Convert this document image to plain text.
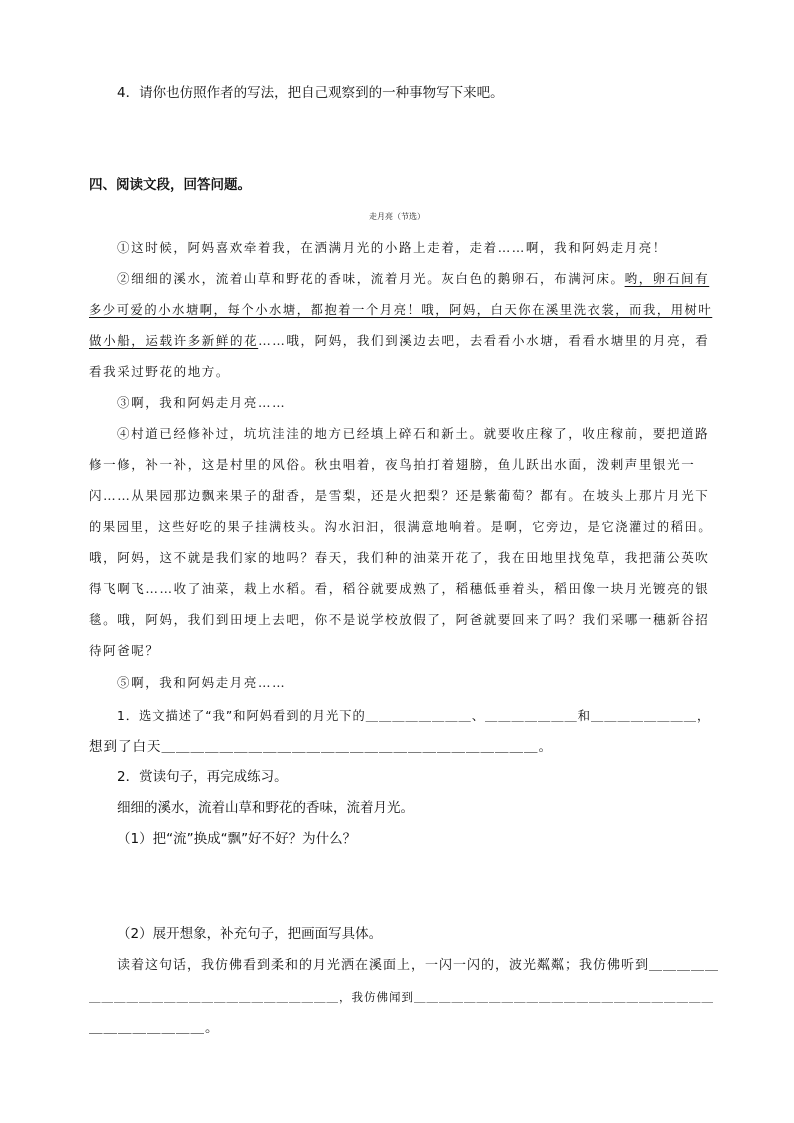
4．请你也仿照作者的写法，把自己观察到的一种事物写下来吧。
四、阅读文段，回答问题。
走月亮（节选）
①这时候，阿妈喜欢牵着我，在洒满月光的小路上走着，走着……啊，我和阿妈走月亮！
②细细的溪水，流着山草和野花的香味，流着月光。灰白色的鹅卵石，布满河床。哟，卵石间有
多少可爱的小水塘啊，每个小水塘，都抱着一个月亮！哦，阿妈，白天你在溪里洗衣裳，而我，用树叶
做小船，运载许多新鲜的花……哦，阿妈，我们到溪边去吧，去看看小水塘，看看水塘里的月亮，看
看我采过野花的地方。
③啊，我和阿妈走月亮……
④村道已经修补过，坑坑洼洼的地方已经填上碎石和新土。就要收庄稼了，收庄稼前，要把道路
修一修，补一补，这是村里的风俗。秋虫唱着，夜鸟拍打着翅膀，鱼儿跃出水面，泼剌声里银光一
闪……从果园那边飘来果子的甜香，是雪梨，还是火把梨？还是紫葡萄？都有。在坡头上那片月光下
的果园里，这些好吃的果子挂满枝头。沟水汩汩，很满意地响着。是啊，它旁边，是它浇灌过的稻田。
哦，阿妈，这不就是我们家的地吗？春天，我们种的油菜开花了，我在田地里找兔草，我把蒲公英吹
得飞啊飞……收了油菜，栽上水稻。看，稻谷就要成熟了，稻穗低垂着头，稻田像一块月光镀亮的银
毯。哦，阿妈，我们到田埂上去吧，你不是说学校放假了，阿爸就要回来了吗？我们采哪一穗新谷招
待阿爸呢？
⑤啊，我和阿妈走月亮……
1．选文描述了“我”和阿妈看到的月光下的＿＿＿＿＿＿＿＿、＿＿＿＿＿＿＿和＿＿＿＿＿＿＿＿，
想到了白天＿＿＿＿＿＿＿＿＿＿＿＿＿＿＿＿＿＿＿＿＿＿＿＿＿＿。
2．赏读句子，再完成练习。
细细的溪水，流着山草和野花的香味，流着月光。
（1）把“流”换成“飘”好不好？为什么？
（2）展开想象，补充句子，把画面写具体。
读着这句话，我仿佛看到柔和的月光洒在溪面上，一闪一闪的，波光粼粼；我仿佛听到＿＿＿＿＿
＿＿＿＿＿＿＿＿＿＿＿＿＿＿＿＿＿＿＿＿，我仿佛闻到＿＿＿＿＿＿＿＿＿＿＿＿＿＿＿＿＿＿＿＿＿＿＿＿
＿＿＿＿＿＿＿＿。
